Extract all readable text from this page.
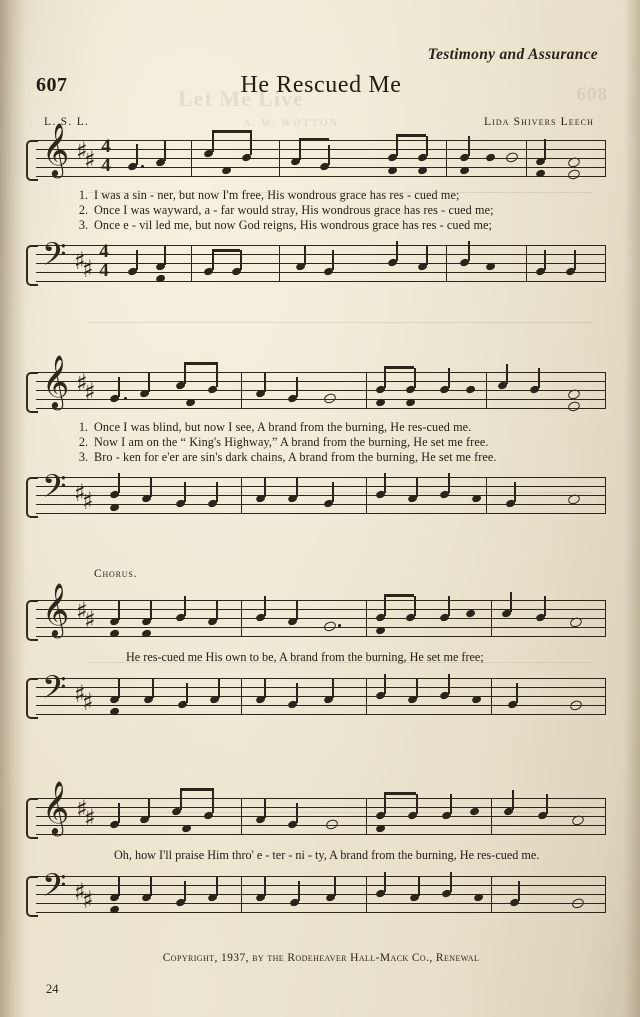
608
Let Me Live
A. W. WOTTON
Testimony and Assurance
607	He Rescued Me
L. S. L.	Lida Shivers Leech
𝄞 ♯
♯ 4
4
1. I was a sin - ner, but now I'm free, His wondrous grace has res - cued me;
2. Once I was wayward, a - far would stray, His wondrous grace has res - cued me;
3. Once e - vil led me, but now God reigns, His wondrous grace has res - cued me;
𝄢 ♯
♯
4
4
𝄞 ♯
♯
1. Once I was blind, but now I see, A brand from the burning, He res-cued me.
2. Now I am on the “ King's Highway,” A brand from the burning, He set me free.
3. Bro - ken for e'er are sin's dark chains, A brand from the burning, He set me free.
𝄢 ♯
♯
Chorus.
𝄞 ♯
♯
He res-cued me His own to be, A brand from the burning, He set me free;
𝄢 ♯
♯
𝄞 ♯
♯
Oh, how I'll praise Him thro' e - ter - ni - ty, A brand from the burning, He res-cued me.
𝄢 ♯
♯
Copyright, 1937, by the Rodeheaver Hall-Mack Co., Renewal
24
